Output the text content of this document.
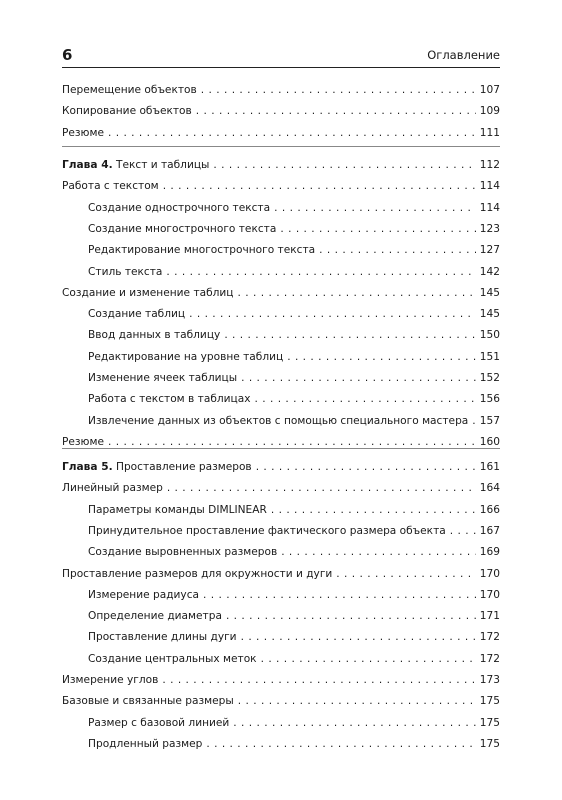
6	Оглавление
Перемещение объектов . . .	107
Копирование объектов . . .	109
Резюме . . .	111
Глава 4. Текст и таблицы . . .	112
Работа с текстом . . .	114
Создание однострочного текста . . .	114
Создание многострочного текста . . .	123
Редактирование многострочного текста . . .	127
Стиль текста . . .	142
Создание и изменение таблиц . . .	145
Создание таблиц . . .	145
Ввод данных в таблицу . . .	150
Редактирование на уровне таблиц . . .	151
Изменение ячеек таблицы . . .	152
Работа с текстом в таблицах . . .	156
Извлечение данных из объектов с помощью специального мастера . . . 157
Резюме . . .	160
Глава 5. Проставление размеров . . .	161
Линейный размер . . .	164
Параметры команды DIMLINEAR . . .	166
Принудительное проставление фактического размера объекта . . .	167
Создание выровненных размеров . . .	169
Проставление размеров для окружности и дуги . . .	170
Измерение радиуса . . .	170
Определение диаметра . . .	171
Проставление длины дуги . . .	172
Создание центральных меток . . .	172
Измерение углов . . .	173
Базовые и связанные размеры . . .	175
Размер с базовой линией . . .	175
Продленный размер . . .	175
